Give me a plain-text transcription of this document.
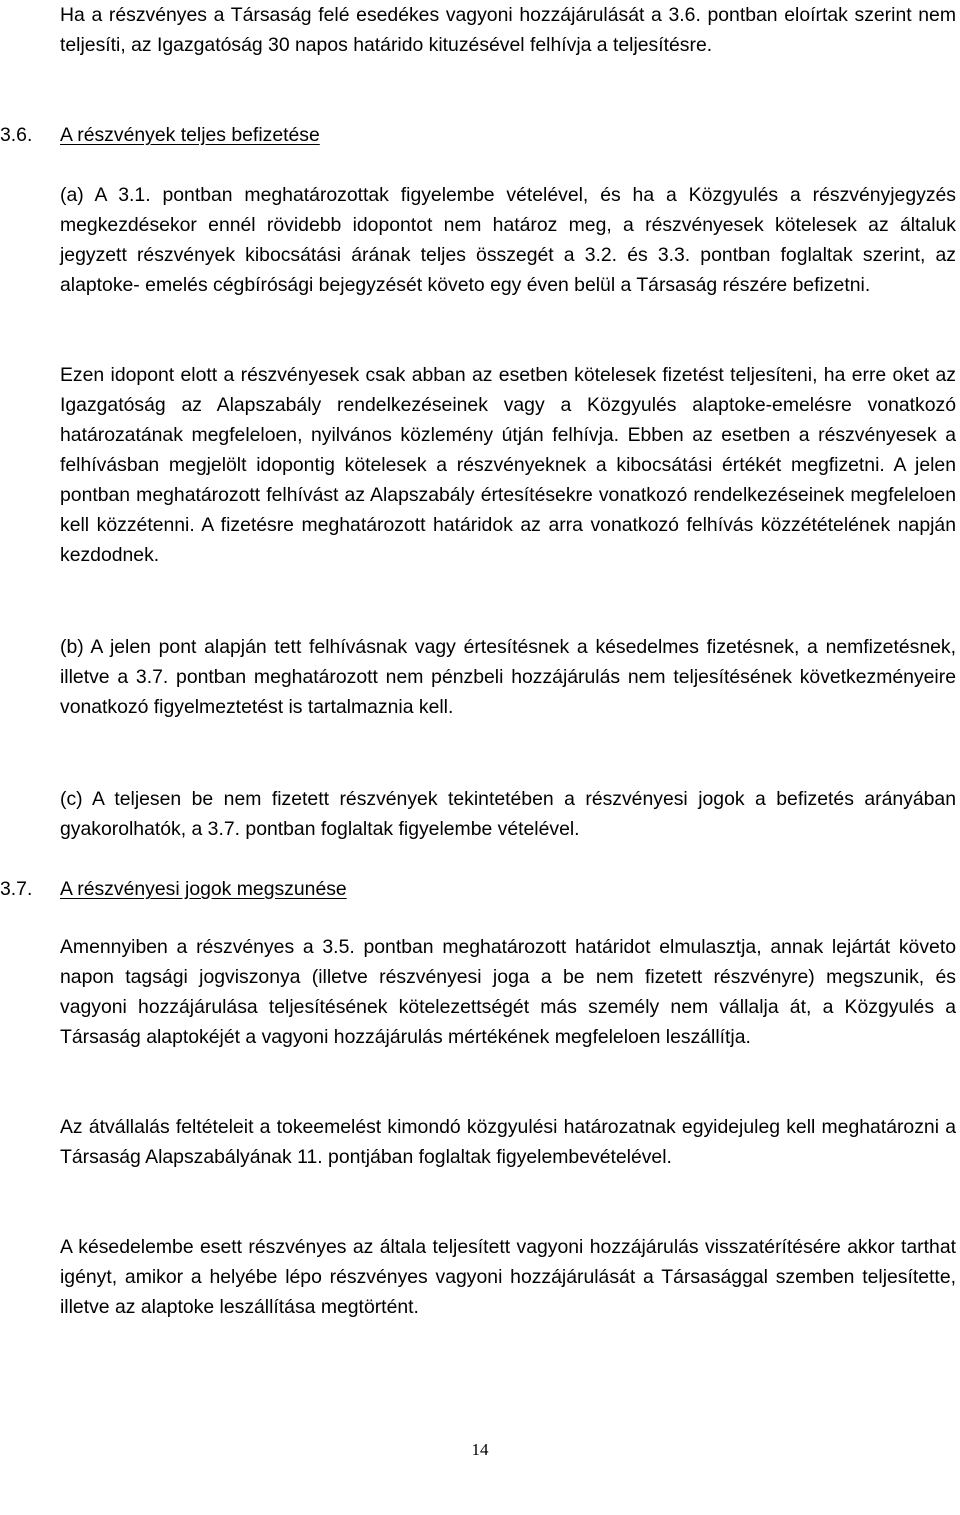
Ha a részvényes a Társaság felé esedékes vagyoni hozzájárulását a 3.6. pontban eloírtak szerint nem teljesíti, az Igazgatóság 30 napos határido kituzésével felhívja a teljesítésre.

3.6. A részvények teljes befizetése

(a) A 3.1. pontban meghatározottak figyelembe vételével, és ha a Közgyulés a részvényjegyzés megkezdésekor ennél rövidebb idopontot nem határoz meg, a részvényesek kötelesek az általuk jegyzett részvények kibocsátási árának teljes összegét a 3.2. és 3.3. pontban foglaltak szerint, az alaptoke- emelés cégbírósági bejegyzését követo egy éven belül a Társaság részére befizetni.

Ezen idopont elott a részvényesek csak abban az esetben kötelesek fizetést teljesíteni, ha erre oket az Igazgatóság az Alapszabály rendelkezéseinek vagy a Közgyulés alaptoke-emelésre vonatkozó határozatának megfeleloen, nyilvános közlemény útján felhívja. Ebben az esetben a részvényesek a felhívásban megjelölt idopontig kötelesek a részvényeknek a kibocsátási értékét megfizetni. A jelen pontban meghatározott felhívást az Alapszabály értesítésekre vonatkozó rendelkezéseinek megfeleloen kell közzétenni. A fizetésre meghatározott határidok az arra vonatkozó felhívás közzétételének napján kezdodnek.

(b) A jelen pont alapján tett felhívásnak vagy értesítésnek a késedelmes fizetésnek, a nemfizetésnek, illetve a 3.7. pontban meghatározott nem pénzbeli hozzájárulás nem teljesítésének következményeire vonatkozó figyelmeztetést is tartalmaznia kell.

(c) A teljesen be nem fizetett részvények tekintetében a részvényesi jogok a befizetés arányában gyakorolhatók, a 3.7. pontban foglaltak figyelembe vételével.

3.7. A részvényesi jogok megszunése

Amennyiben a részvényes a 3.5. pontban meghatározott határidot elmulasztja, annak lejártát követo napon tagsági jogviszonya (illetve részvényesi joga a be nem fizetett részvényre) megszunik, és vagyoni hozzájárulása teljesítésének kötelezettségét más személy nem vállalja át, a Közgyulés a Társaság alaptokéjét a vagyoni hozzájárulás mértékének megfeleloen leszállítja.

Az átvállalás feltételeit a tokeemelést kimondó közgyulési határozatnak egyidejuleg kell meghatározni a Társaság Alapszabályának 11. pontjában foglaltak figyelembevételével.

A késedelembe esett részvényes az általa teljesített vagyoni hozzájárulás visszatérítésére akkor tarthat igényt, amikor a helyébe lépo részvényes vagyoni hozzájárulását a Társasággal szemben teljesítette, illetve az alaptoke leszállítása megtörtént.

14
